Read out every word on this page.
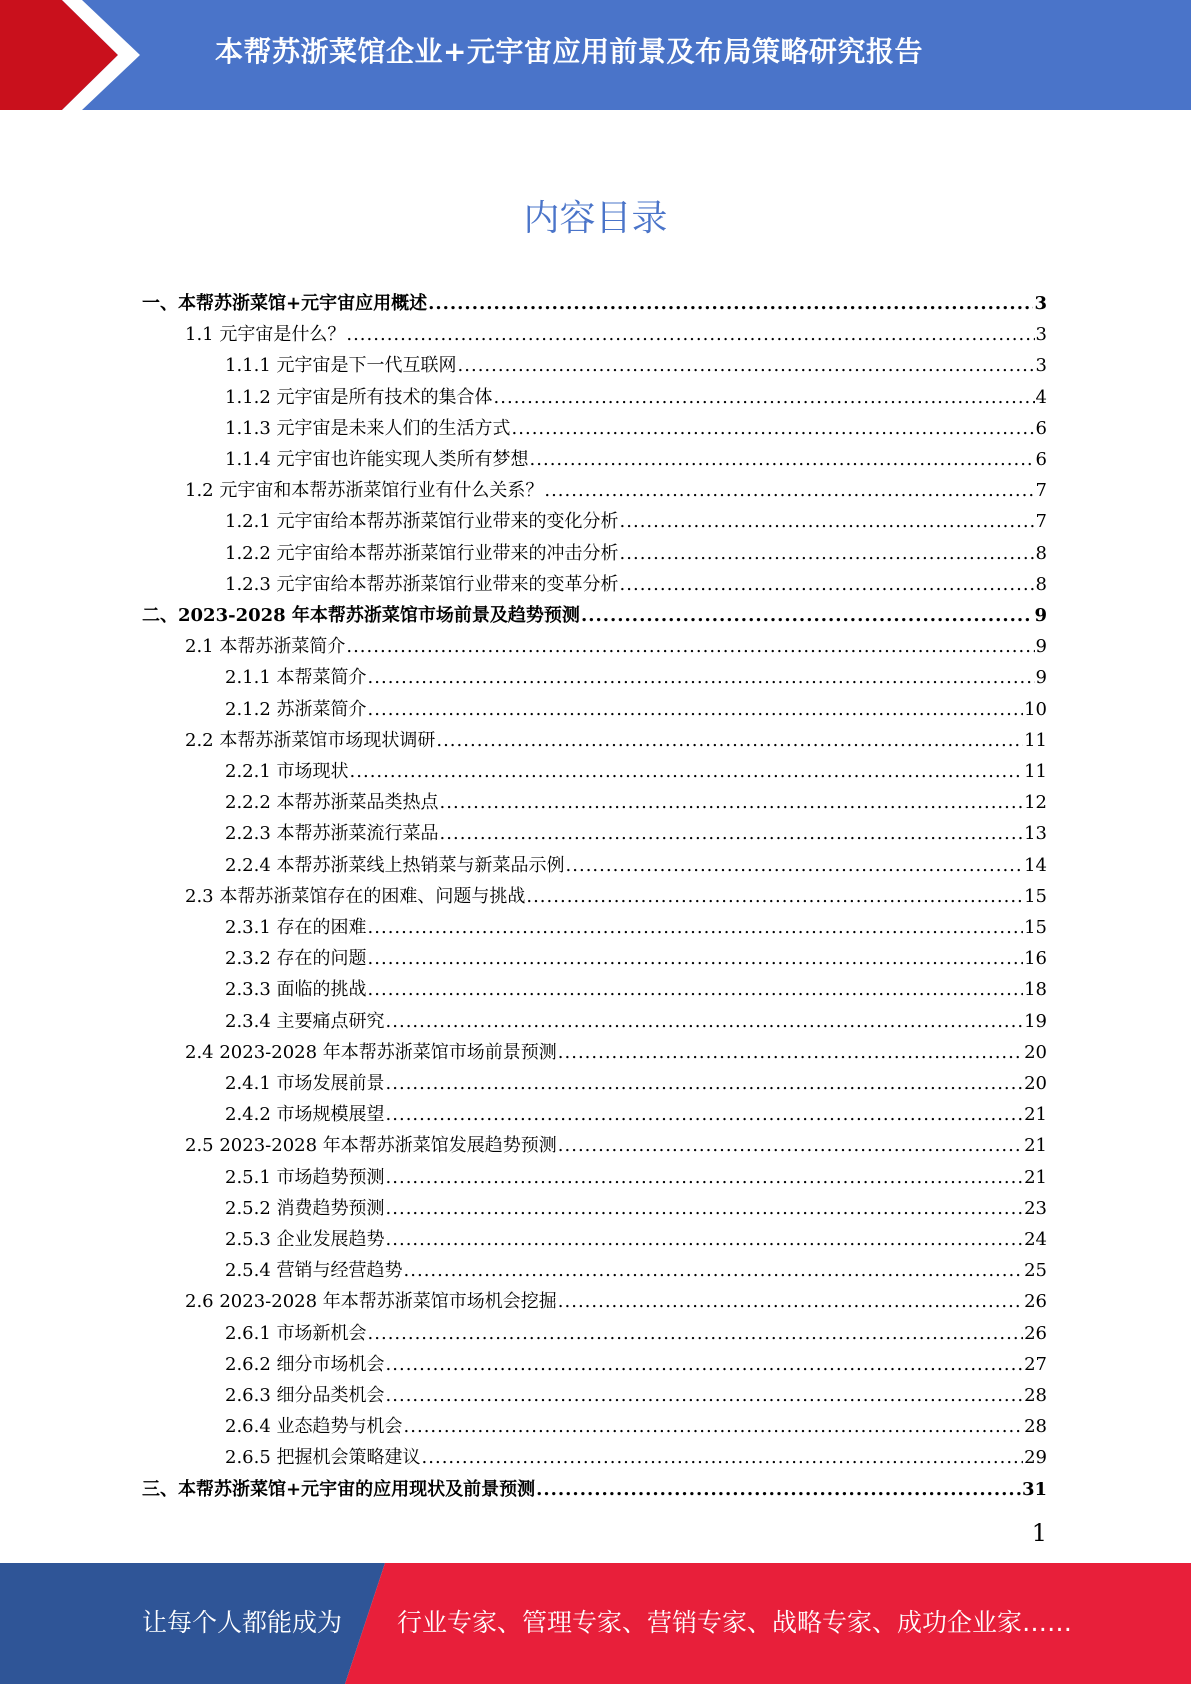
本帮苏浙菜馆企业+元宇宙应用前景及布局策略研究报告
内容目录
一、本帮苏浙菜馆+元宇宙应用概述 .....	3
1.1 元宇宙是什么？ .....	3
1.1.1 元宇宙是下一代互联网 .....	3
1.1.2 元宇宙是所有技术的集合体 .....	4
1.1.3 元宇宙是未来人们的生活方式 .....	6
1.1.4 元宇宙也许能实现人类所有梦想 .....	6
1.2 元宇宙和本帮苏浙菜馆行业有什么关系？ .....	7
1.2.1 元宇宙给本帮苏浙菜馆行业带来的变化分析 .....	7
1.2.2 元宇宙给本帮苏浙菜馆行业带来的冲击分析 .....	8
1.2.3 元宇宙给本帮苏浙菜馆行业带来的变革分析 .....	8
二、2023-2028 年本帮苏浙菜馆市场前景及趋势预测 .....	9
2.1 本帮苏浙菜简介 .....	9
2.1.1 本帮菜简介 .....	9
2.1.2 苏浙菜简介 .....	10
2.2 本帮苏浙菜馆市场现状调研 .....	11
2.2.1 市场现状 .....	11
2.2.2 本帮苏浙菜品类热点 .....	12
2.2.3 本帮苏浙菜流行菜品 .....	13
2.2.4 本帮苏浙菜线上热销菜与新菜品示例 .....	14
2.3 本帮苏浙菜馆存在的困难、问题与挑战 .....	15
2.3.1 存在的困难 .....	15
2.3.2 存在的问题 .....	16
2.3.3 面临的挑战 .....	18
2.3.4 主要痛点研究 .....	19
2.4 2023-2028 年本帮苏浙菜馆市场前景预测 .....	20
2.4.1 市场发展前景 .....	20
2.4.2 市场规模展望 .....	21
2.5 2023-2028 年本帮苏浙菜馆发展趋势预测 .....	21
2.5.1 市场趋势预测 .....	21
2.5.2 消费趋势预测 .....	23
2.5.3 企业发展趋势 .....	24
2.5.4 营销与经营趋势 .....	25
2.6 2023-2028 年本帮苏浙菜馆市场机会挖掘 .....	26
2.6.1 市场新机会 .....	26
2.6.2 细分市场机会 .....	27
2.6.3 细分品类机会 .....	28
2.6.4 业态趋势与机会 .....	28
2.6.5 把握机会策略建议 .....	29
三、本帮苏浙菜馆+元宇宙的应用现状及前景预测 .....	31
1
让每个人都能成为 行业专家、管理专家、营销专家、战略专家、成功企业家……
